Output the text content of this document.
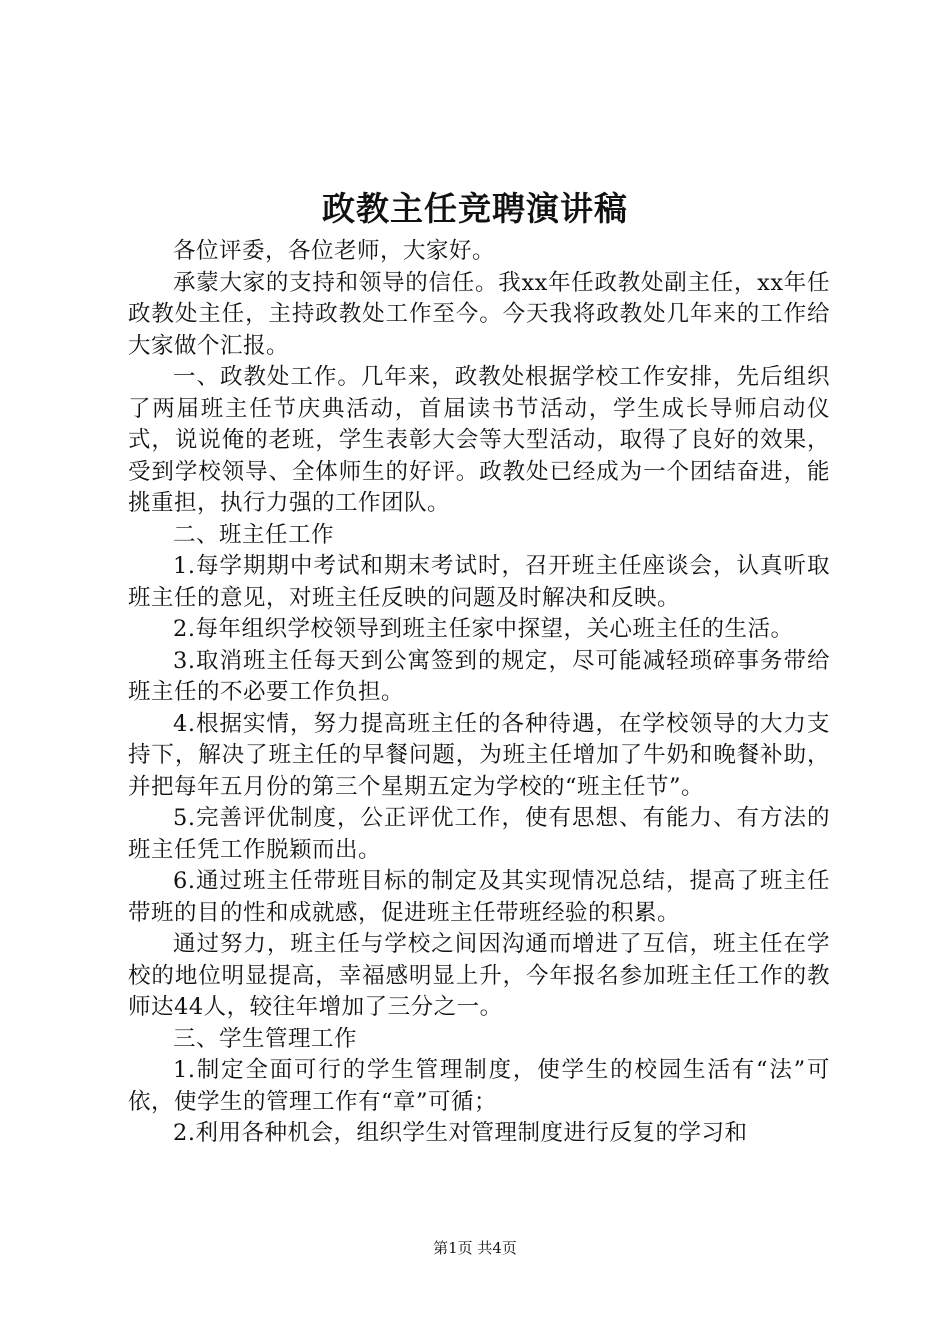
政教主任竞聘演讲稿

各位评委，各位老师，大家好。

承蒙大家的支持和领导的信任。我xx年任政教处副主任，xx年任政教处主任，主持政教处工作至今。今天我将政教处几年来的工作给大家做个汇报。

一、政教处工作。几年来，政教处根据学校工作安排，先后组织了两届班主任节庆典活动，首届读书节活动，学生成长导师启动仪式，说说俺的老班，学生表彰大会等大型活动，取得了良好的效果，受到学校领导、全体师生的好评。政教处已经成为一个团结奋进，能挑重担，执行力强的工作团队。

二、班主任工作

1.每学期期中考试和期末考试时，召开班主任座谈会，认真听取班主任的意见，对班主任反映的问题及时解决和反映。

2.每年组织学校领导到班主任家中探望，关心班主任的生活。

3.取消班主任每天到公寓签到的规定，尽可能减轻琐碎事务带给班主任的不必要工作负担。

4.根据实情，努力提高班主任的各种待遇，在学校领导的大力支持下，解决了班主任的早餐问题，为班主任增加了牛奶和晚餐补助，并把每年五月份的第三个星期五定为学校的“班主任节”。

5.完善评优制度，公正评优工作，使有思想、有能力、有方法的班主任凭工作脱颖而出。

6.通过班主任带班目标的制定及其实现情况总结，提高了班主任带班的目的性和成就感，促进班主任带班经验的积累。

通过努力，班主任与学校之间因沟通而增进了互信，班主任在学校的地位明显提高，幸福感明显上升，今年报名参加班主任工作的教师达44人，较往年增加了三分之一。

三、学生管理工作

1.制定全面可行的学生管理制度，使学生的校园生活有“法”可依，使学生的管理工作有“章”可循；

2.利用各种机会，组织学生对管理制度进行反复的学习和

第1页 共4页
